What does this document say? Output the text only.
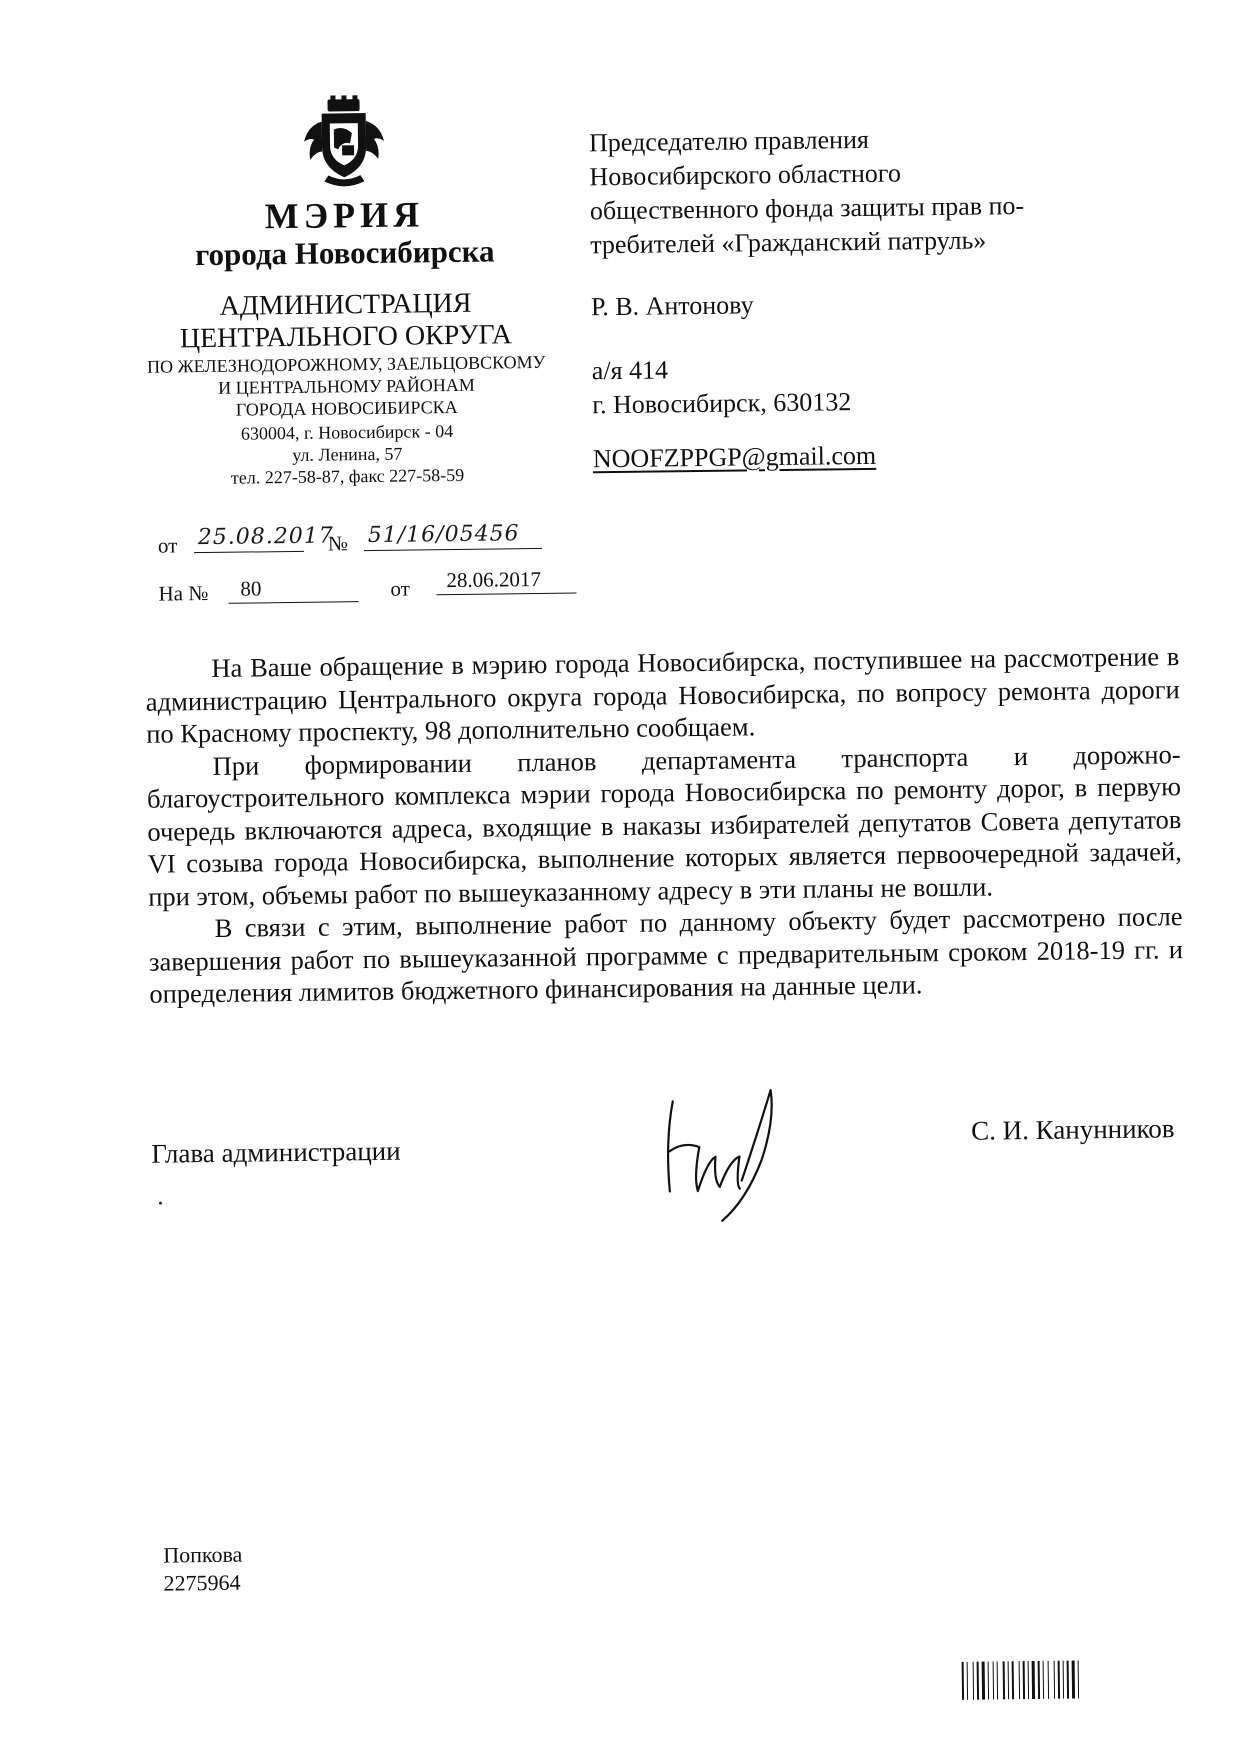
МЭРИЯ
города Новосибирска
АДМИНИСТРАЦИЯ
ЦЕНТРАЛЬНОГО ОКРУГА
ПО ЖЕЛЕЗНОДОРОЖНОМУ, ЗАЕЛЬЦОВСКОМУ
И ЦЕНТРАЛЬНОМУ РАЙОНАМ
ГОРОДА НОВОСИБИРСКА
630004, г. Новосибирск - 04
ул. Ленина, 57
тел. 227-58-87, факс 227-58-59
от 25.08.2017
№ 51/16/05456
На №	80	от	28.06.2017
Председателю правления
Новосибирского областного
общественного фонда защиты прав по-
требителей «Гражданский патруль»
Р. В. Антонову
а/я 414
г. Новосибирск, 630132
NOOFZPPGP@gmail.com

На Ваше обращение в мэрию города Новосибирска, поступившее на рассмотрение в администрацию Центрального округа города Новосибирска, по вопросу ремонта дороги по Красному проспекту, 98 дополнительно сообщаем.

При формировании планов департамента транспорта и дорожно-благоустроительного комплекса мэрии города Новосибирска по ремонту дорог, в первую очередь включаются адреса, входящие в наказы избирателей депутатов Совета депутатов VI созыва города Новосибирска, выполнение которых является первоочередной задачей, при этом, объемы работ по вышеуказанному адресу в эти планы не вошли.

В связи с этим, выполнение работ по данному объекту будет рассмотрено после завершения работ по вышеуказанной программе с предварительным сроком 2018-19 гг. и определения лимитов бюджетного финансирования на данные цели.

Глава администрации
С. И. Канунников
Попкова
2275964
